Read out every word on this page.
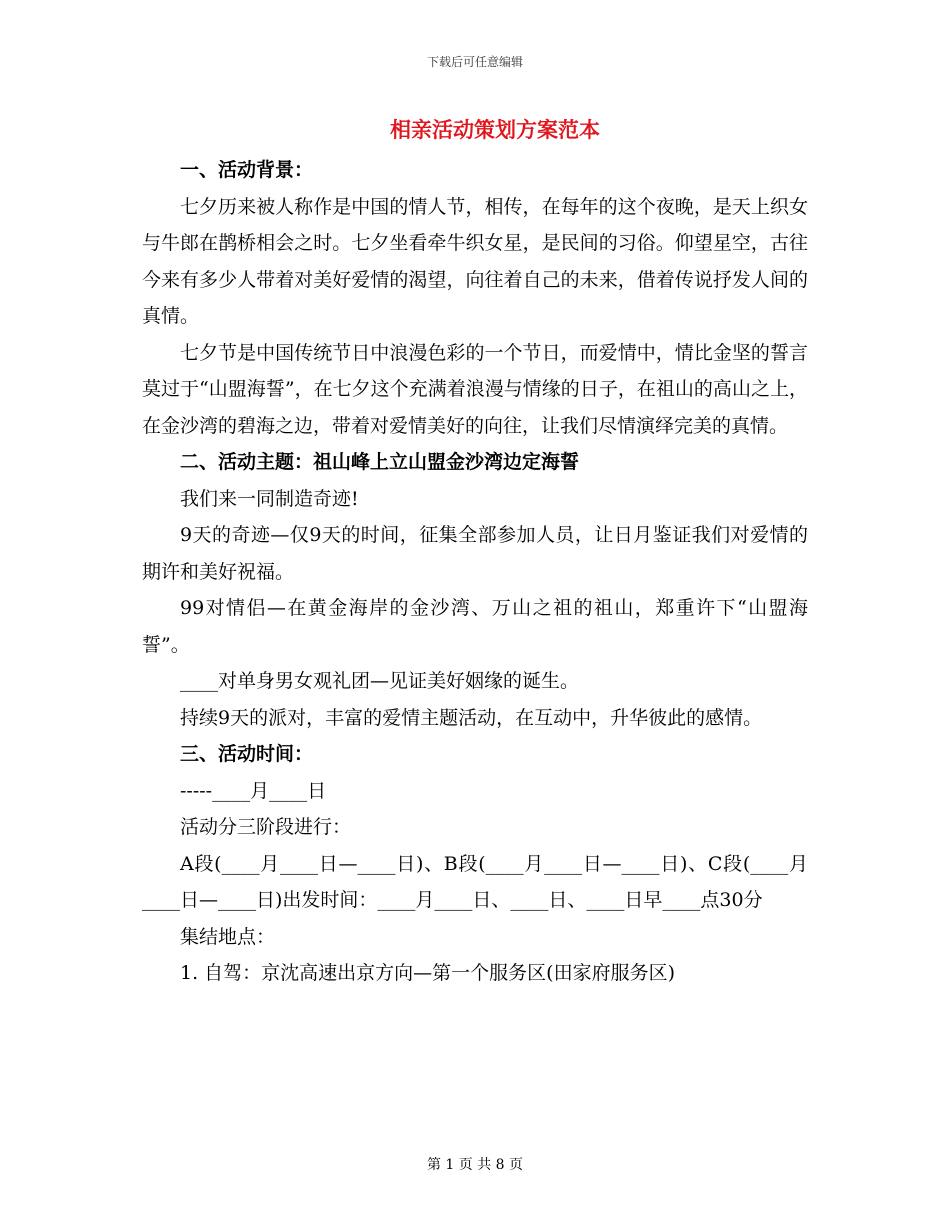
下载后可任意编辑
相亲活动策划方案范本

一、活动背景：

七夕历来被人称作是中国的情人节，相传，在每年的这个夜晚，是天上织女与牛郎在鹊桥相会之时。七夕坐看牵牛织女星，是民间的习俗。仰望星空，古往今来有多少人带着对美好爱情的渴望，向往着自己的未来，借着传说抒发人间的真情。

七夕节是中国传统节日中浪漫色彩的一个节日，而爱情中，情比金坚的誓言莫过于“山盟海誓”，在七夕这个充满着浪漫与情缘的日子，在祖山的高山之上，在金沙湾的碧海之边，带着对爱情美好的向往，让我们尽情演绎完美的真情。

二、活动主题：祖山峰上立山盟金沙湾边定海誓

我们来一同制造奇迹!

9天的奇迹—仅9天的时间，征集全部参加人员，让日月鉴证我们对爱情的期许和美好祝福。

99对情侣—在黄金海岸的金沙湾、万山之祖的祖山，郑重许下“山盟海誓”。

____对单身男女观礼团—见证美好姻缘的诞生。

持续9天的派对，丰富的爱情主题活动，在互动中，升华彼此的感情。

三、活动时间：

-----____月____日

活动分三阶段进行：

A段(____月____日—____日)、B段(____月____日—____日)、C段(____月____日—____日)出发时间：____月____日、____日、____日早____点30分

集结地点：

1. 自驾：京沈高速出京方向—第一个服务区(田家府服务区)

第 1 页 共 8 页
